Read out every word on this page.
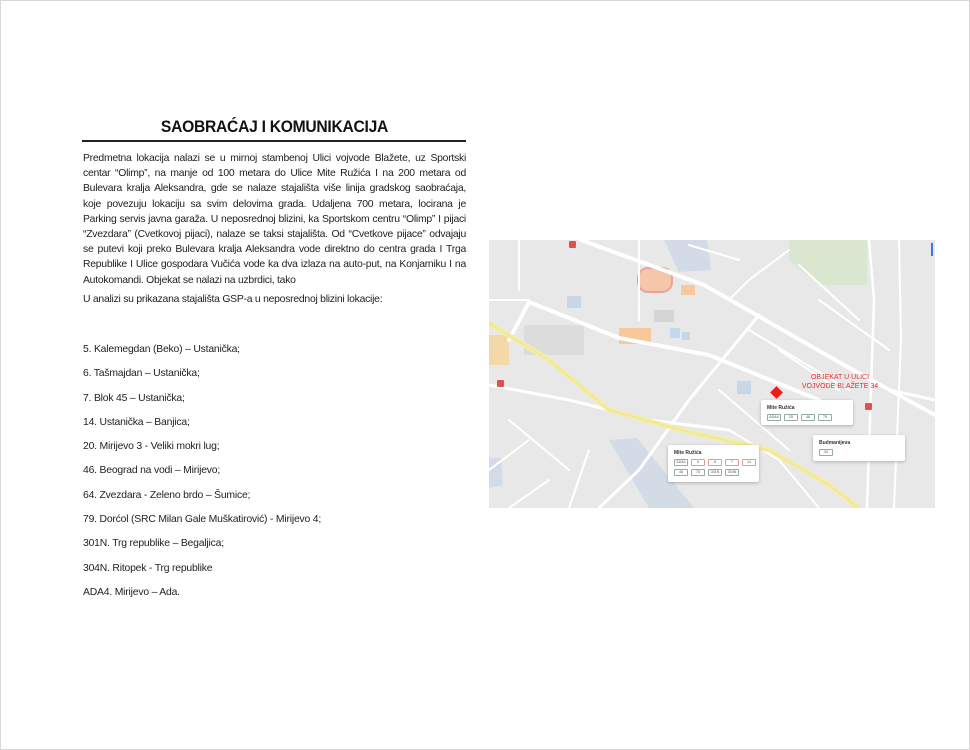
SAOBRAĆAJ I KOMUNIKACIJA
Predmetna lokacija nalazi se u mirnoj stambenoj Ulici vojvode Blažete, uz Sportski centar “Olimp”, na manje od 100 metara do Ulice Mite Ružića I na 200 metara od Bulevara kralja Aleksandra, gde se nalaze stajališta više linija gradskog saobraćaja, koje povezuju lokaciju sa svim delovima grada. Udaljena 700 metara, locirana je Parking servis javna garaža. U neposrednoj blizini, ka Sportskom centru “Olimp” I pijaci “Zvezdara” (Cvetkovoj pijaci), nalaze se taksi stajališta. Od “Cvetkove pijace” odvajaju se putevi koji preko Bulevara kralja Aleksandra vode direktno do centra grada I Trga Republike I Ulice gospodara Vučića vode ka dva izlaza na auto-put, na Konjarniku I na Autokomandi. Objekat se nalazi na uzbrdici, tako
U analizi su prikazana stajališta GSP-a u neposrednoj blizini lokacije:
5. Kalemegdan (Beko) – Ustanička;
6. Tašmajdan – Ustanička;
7. Blok 45 – Ustanička;
14. Ustanička – Banjica;
20. Mirijevo 3 - Veliki mokri lug;
46. Beograd na vodi – Mirijevo;
64. Zvezdara - Zeleno brdo – Šumice;
79. Dorćol (SRC Milan Gale Muškatirović) - Mirijevo 4;
301N. Trg republike – Begaljica;
304N. Ritopek - Trg republike
ADA4. Mirijevo – Ada.
Mite Ružića
ADA4	25	46	75
Budmanijeva
34
Mite Ružića
ADA4	5	6	7	14
46	75	301N	304N
OBJEKAT U ULICI
VOJVODE BLAŽETE 34
